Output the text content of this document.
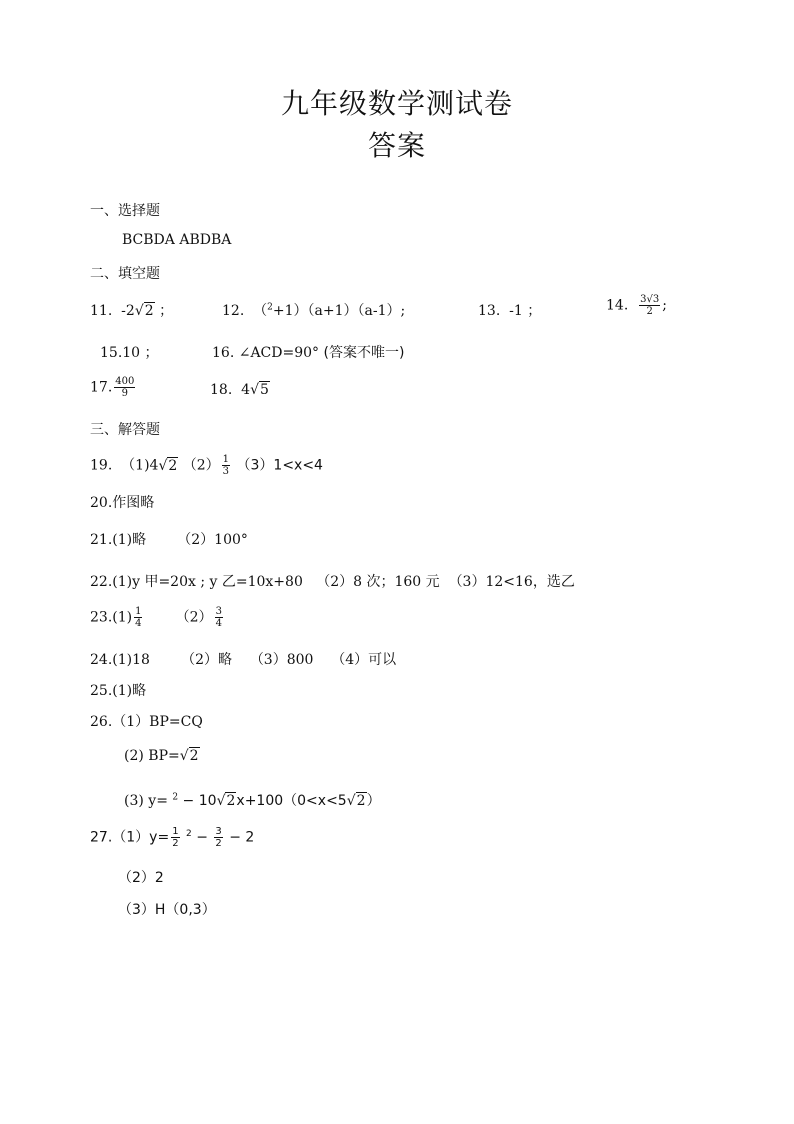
九年级数学测试卷
答案
一、选择题
BCBDA ABDBA
二、填空题
11. -2√2 ；	12. （$^2$+1）（a+1）（a-1）;	13. -1 ；	14. $\frac{3√3}{2}$ ;
15.10 ；	16. ∠ACD=90° (答案不唯一)
17. $\frac{400}{9}$	18. 4√5
三、解答题
19. （1)4√2 $(2) \frac{1}{3} (3)1<x<4$
20.作图略
21.(1)略 （2）100°
22.(1)y 甲=20x ; y 乙=10x+80 （2）8 次；160 元 （3）12<16，选乙
$23.(1) \frac{1}{4} (2) \frac{3}{4}$
24.(1)18 （2）略 （3）800 （4）可以
25.(1)略
26.（1）BP=CQ
(2) BP=√2
(3) y= $^2$ − 10√2x+100（0<x<5√2）
$27.(1)y= \frac{1}{2} ^2 - \frac{3}{2} - 2$
（2）2
（3）H（0,3）
